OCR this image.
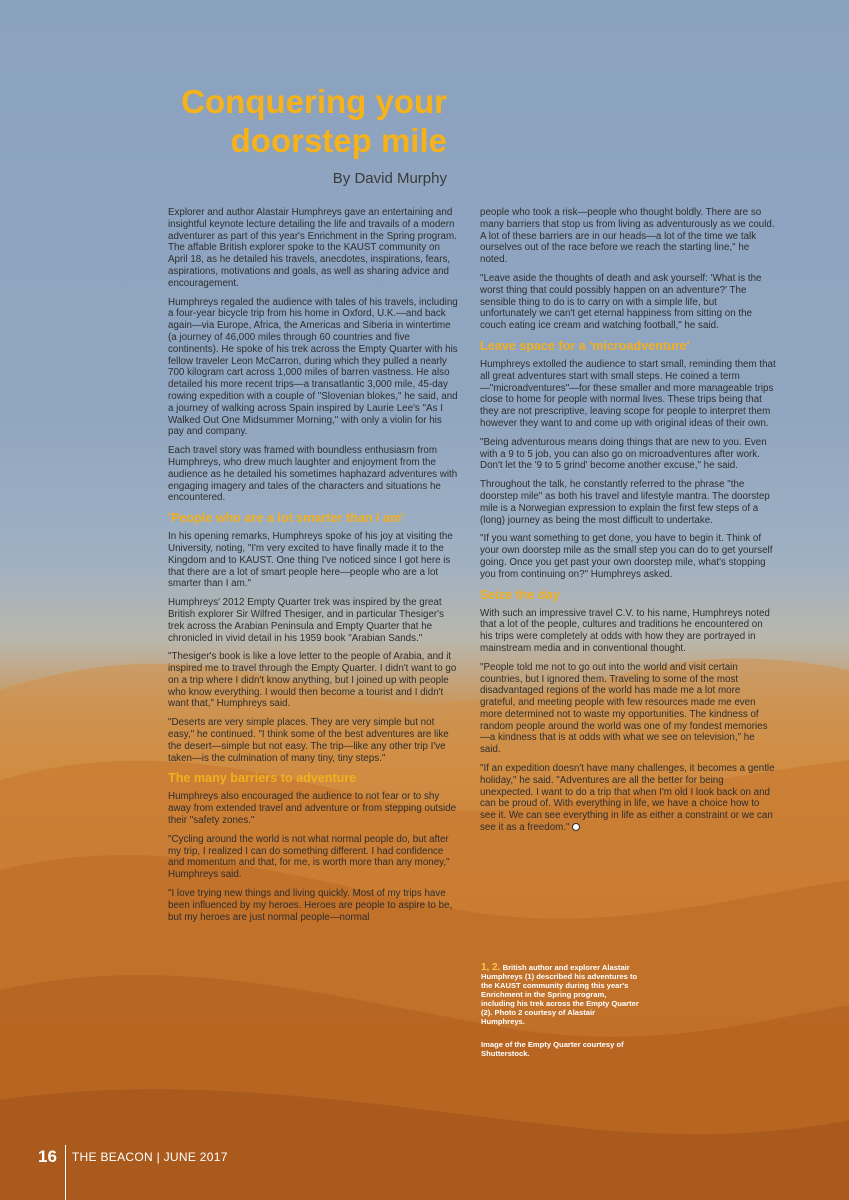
Conquering your doorstep mile
By David Murphy

Explorer and author Alastair Humphreys gave an entertaining and insightful keynote lecture detailing the life and travails of a modern adventurer as part of this year's Enrichment in the Spring program. The affable British explorer spoke to the KAUST community on April 18, as he detailed his travels, anecdotes, inspirations, fears, aspirations, motivations and goals, as well as sharing advice and encouragement.

Humphreys regaled the audience with tales of his travels, including a four-year bicycle trip from his home in Oxford, U.K.—and back again—via Europe, Africa, the Americas and Siberia in wintertime (a journey of 46,000 miles through 60 countries and five continents). He spoke of his trek across the Empty Quarter with his fellow traveler Leon McCarron, during which they pulled a nearly 700 kilogram cart across 1,000 miles of barren vastness. He also detailed his more recent trips—a transatlantic 3,000 mile, 45-day rowing expedition with a couple of "Slovenian blokes," he said, and a journey of walking across Spain inspired by Laurie Lee's "As I Walked Out One Midsummer Morning," with only a violin for his pay and company.

Each travel story was framed with boundless enthusiasm from Humphreys, who drew much laughter and enjoyment from the audience as he detailed his sometimes haphazard adventures with engaging imagery and tales of the characters and situations he encountered.

'People who are a lot smarter than I am'

In his opening remarks, Humphreys spoke of his joy at visiting the University, noting, "I'm very excited to have finally made it to the Kingdom and to KAUST. One thing I've noticed since I got here is that there are a lot of smart people here—people who are a lot smarter than I am."

Humphreys' 2012 Empty Quarter trek was inspired by the great British explorer Sir Wilfred Thesiger, and in particular Thesiger's trek across the Arabian Peninsula and Empty Quarter that he chronicled in vivid detail in his 1959 book "Arabian Sands."

"Thesiger's book is like a love letter to the people of Arabia, and it inspired me to travel through the Empty Quarter. I didn't want to go on a trip where I didn't know anything, but I joined up with people who know everything. I would then become a tourist and I didn't want that," Humphreys said.

"Deserts are very simple places. They are very simple but not easy," he continued. "I think some of the best adventures are like the desert—simple but not easy. The trip—like any other trip I've taken—is the culmination of many tiny, tiny steps."

The many barriers to adventure

Humphreys also encouraged the audience to not fear or to shy away from extended travel and adventure or from stepping outside their "safety zones."

"Cycling around the world is not what normal people do, but after my trip, I realized I can do something different. I had confidence and momentum and that, for me, is worth more than any money," Humphreys said.

"I love trying new things and living quickly. Most of my trips have been influenced by my heroes. Heroes are people to aspire to be, but my heroes are just normal people—normal

people who took a risk—people who thought boldly. There are so many barriers that stop us from living as adventurously as we could. A lot of these barriers are in our heads—a lot of the time we talk ourselves out of the race before we reach the starting line," he noted.

"Leave aside the thoughts of death and ask yourself: 'What is the worst thing that could possibly happen on an adventure?' The sensible thing to do is to carry on with a simple life, but unfortunately we can't get eternal happiness from sitting on the couch eating ice cream and watching football," he said.

Leave space for a 'microadventure'

Humphreys extolled the audience to start small, reminding them that all great adventures start with small steps. He coined a term—"microadventures"—for these smaller and more manageable trips close to home for people with normal lives. These trips being that they are not prescriptive, leaving scope for people to interpret them however they want to and come up with original ideas of their own.

"Being adventurous means doing things that are new to you. Even with a 9 to 5 job, you can also go on microadventures after work. Don't let the '9 to 5 grind' become another excuse," he said.

Throughout the talk, he constantly referred to the phrase "the doorstep mile" as both his travel and lifestyle mantra. The doorstep mile is a Norwegian expression to explain the first few steps of a (long) journey as being the most difficult to undertake.

"If you want something to get done, you have to begin it. Think of your own doorstep mile as the small step you can do to get yourself going. Once you get past your own doorstep mile, what's stopping you from continuing on?" Humphreys asked.

Seize the day

With such an impressive travel C.V. to his name, Humphreys noted that a lot of the people, cultures and traditions he encountered on his trips were completely at odds with how they are portrayed in mainstream media and in conventional thought.

"People told me not to go out into the world and visit certain countries, but I ignored them. Traveling to some of the most disadvantaged regions of the world has made me a lot more grateful, and meeting people with few resources made me even more determined not to waste my opportunities. The kindness of random people around the world was one of my fondest memories—a kindness that is at odds with what we see on television," he said.

"If an expedition doesn't have many challenges, it becomes a gentle holiday," he said. "Adventures are all the better for being unexpected. I want to do a trip that when I'm old I look back on and can be proud of. With everything in life, we have a choice how to see it. We can see everything in life as either a constraint or we can see it as a freedom."

1, 2. British author and explorer Alastair Humphreys (1) described his adventures to the KAUST community during this year's Enrichment in the Spring program, including his trek across the Empty Quarter (2). Photo 2 courtesy of Alastair Humphreys.

Image of the Empty Quarter courtesy of Shutterstock.

16 THE BEACON | JUNE 2017
